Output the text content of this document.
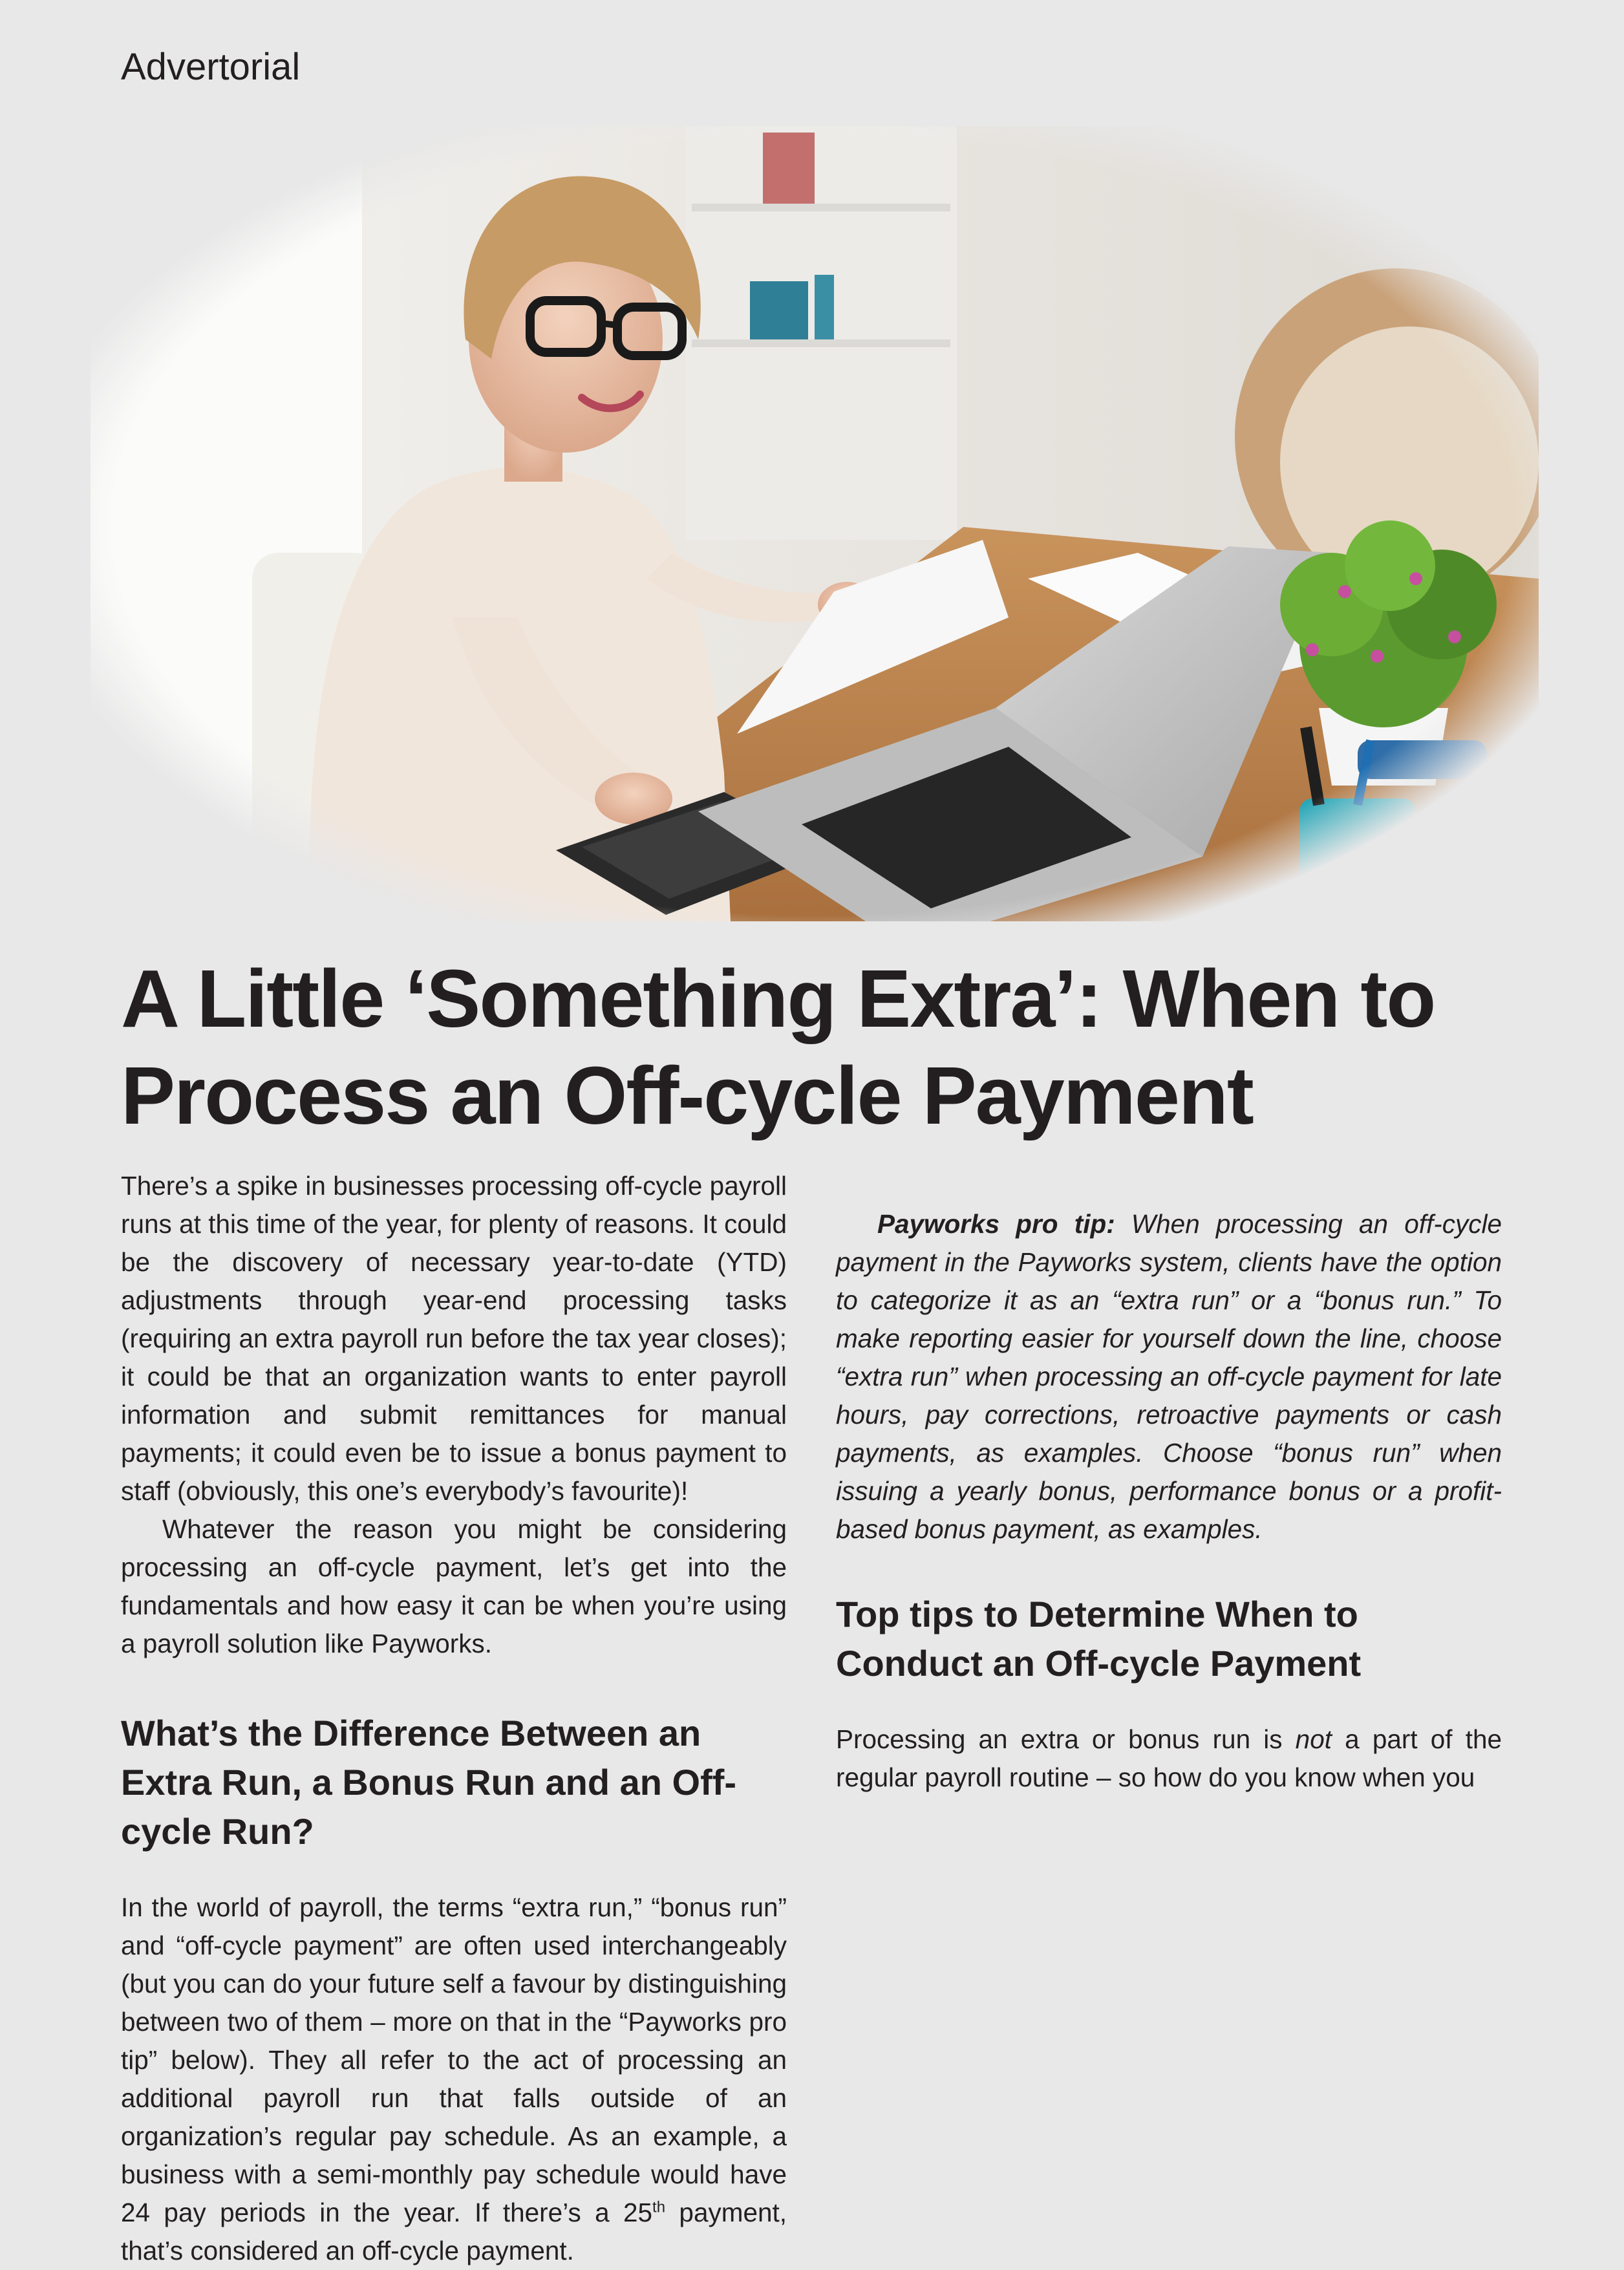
Advertorial
A Little ‘Something Extra’: When to Process an Off-cycle Payment

There’s a spike in businesses processing off-cycle payroll runs at this time of the year, for plenty of reasons. It could be the discovery of necessary year-to-date (YTD) adjustments through year-end processing tasks (requiring an extra payroll run before the tax year closes); it could be that an organization wants to enter payroll information and submit remittances for manual payments; it could even be to issue a bonus payment to staff (obviously, this one’s everybody’s favourite)!

Whatever the reason you might be considering processing an off-cycle payment, let’s get into the fundamentals and how easy it can be when you’re using a payroll solution like Payworks.

What’s the Difference Between an Extra Run, a Bonus Run and an Off-cycle Run?

In the world of payroll, the terms “extra run,” “bonus run” and “off-cycle payment” are often used interchangeably (but you can do your future self a favour by distinguishing between two of them – more on that in the “Payworks pro tip” below). They all refer to the act of processing an additional payroll run that falls outside of an organization’s regular pay schedule. As an example, a business with a semi-monthly pay schedule would have 24 pay periods in the year. If there’s a 25th payment, that’s considered an off-cycle payment.

Payworks pro tip: When processing an off-cycle payment in the Payworks system, clients have the option to categorize it as an “extra run” or a “bonus run.” To make reporting easier for yourself down the line, choose “extra run” when processing an off-cycle payment for late hours, pay corrections, retroactive payments or cash payments, as examples. Choose “bonus run” when issuing a yearly bonus, performance bonus or a profit-based bonus payment, as examples.

Top tips to Determine When to Conduct an Off-cycle Payment

Processing an extra or bonus run is not a part of the regular payroll routine – so how do you know when you
